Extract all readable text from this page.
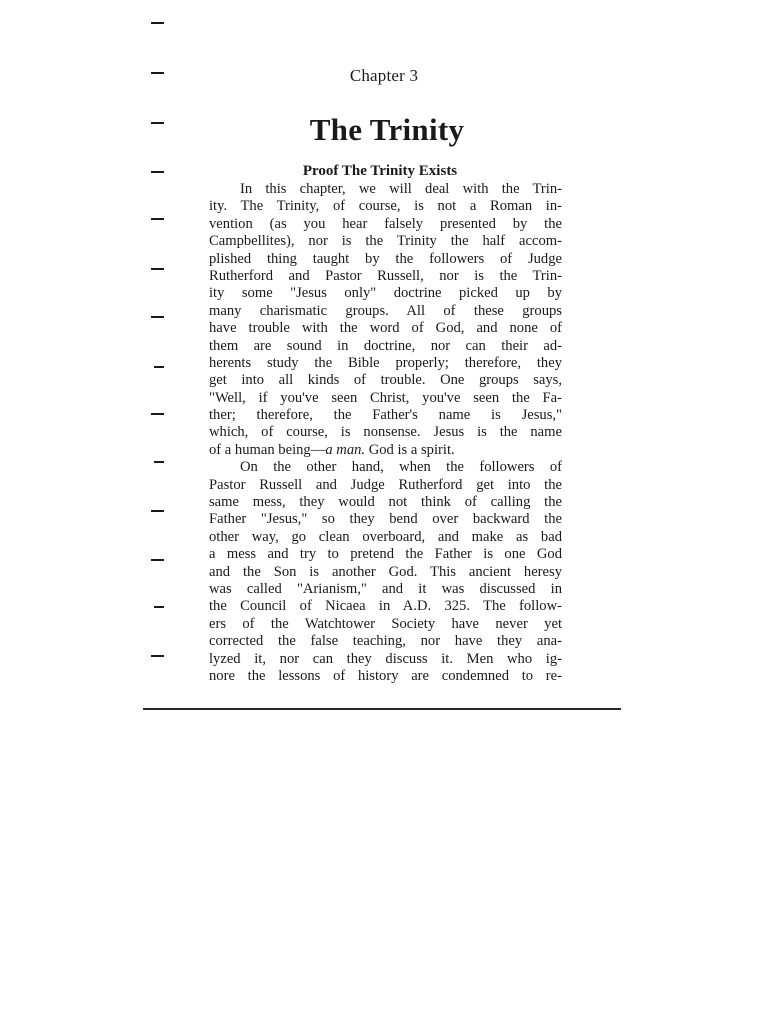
Chapter 3
The Trinity
Proof The Trinity Exists
In this chapter, we will deal with the Trin-
ity. The Trinity, of course, is not a Roman in-
vention (as you hear falsely presented by the
Campbellites), nor is the Trinity the half accom-
plished thing taught by the followers of Judge
Rutherford and Pastor Russell, nor is the Trin-
ity some "Jesus only" doctrine picked up by
many charismatic groups. All of these groups
have trouble with the word of God, and none of
them are sound in doctrine, nor can their ad-
herents study the Bible properly; therefore, they
get into all kinds of trouble. One groups says,
"Well, if you've seen Christ, you've seen the Fa-
ther; therefore, the Father's name is Jesus,"
which, of course, is nonsense. Jesus is the name
of a human being—a man. God is a spirit.
On the other hand, when the followers of
Pastor Russell and Judge Rutherford get into the
same mess, they would not think of calling the
Father "Jesus," so they bend over backward the
other way, go clean overboard, and make as bad
a mess and try to pretend the Father is one God
and the Son is another God. This ancient heresy
was called "Arianism," and it was discussed in
the Council of Nicaea in A.D. 325. The follow-
ers of the Watchtower Society have never yet
corrected the false teaching, nor have they ana-
lyzed it, nor can they discuss it. Men who ig-
nore the lessons of history are condemned to re-
